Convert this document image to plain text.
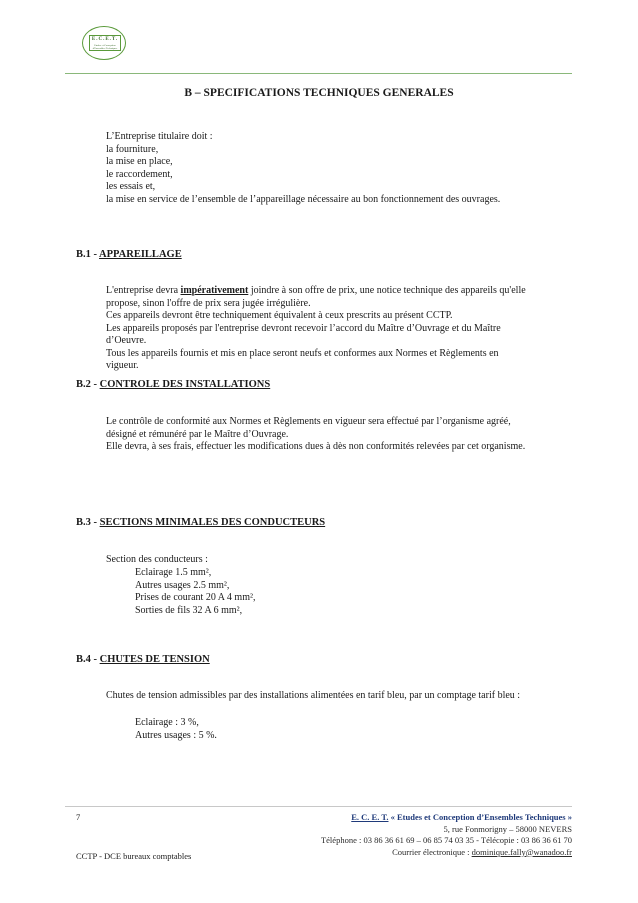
E.C.E.T.
Etudes et Conception d'Ensembles Techniques
B – SPECIFICATIONS TECHNIQUES GENERALES
L’Entreprise titulaire doit :
la fourniture,
la mise en place,
le raccordement,
les essais et,
la mise en service de l’ensemble de l’appareillage nécessaire au bon fonctionnement des ouvrages.
B.1 - APPAREILLAGE
L'entreprise devra impérativement joindre à son offre de prix, une notice technique des appareils qu'elle
propose, sinon l'offre de prix sera jugée irrégulière.
Ces appareils devront être techniquement équivalent à ceux prescrits au présent CCTP.
Les appareils proposés par l'entreprise devront recevoir l’accord du Maître d’Ouvrage et du Maître
d’Oeuvre.
Tous les appareils fournis et mis en place seront neufs et conformes aux Normes et Règlements en
vigueur.
B.2 - CONTROLE DES INSTALLATIONS
Le contrôle de conformité aux Normes et Règlements en vigueur sera effectué par l’organisme agréé,
désigné et rémunéré par le Maître d’Ouvrage.
Elle devra, à ses frais, effectuer les modifications dues à dès non conformités relevées par cet organisme.
B.3 - SECTIONS MINIMALES DES CONDUCTEURS
Section des conducteurs :
Eclairage 1.5 mm²,
Autres usages 2.5 mm²,
Prises de courant 20 A 4 mm²,
Sorties de fils 32 A 6 mm²,
B.4 - CHUTES DE TENSION
Chutes de tension admissibles par des installations alimentées en tarif bleu, par un comptage tarif bleu :
Eclairage : 3 %,
Autres usages : 5 %.
7
CCTP - DCE bureaux comptables
E. C. E. T. « Etudes et Conception d’Ensembles Techniques »
5, rue Fonmorigny – 58000 NEVERS
Téléphone : 03 86 36 61 69 – 06 85 74 03 35 - Télécopie : 03 86 36 61 70
Courrier électronique : dominique.fally@wanadoo.fr
